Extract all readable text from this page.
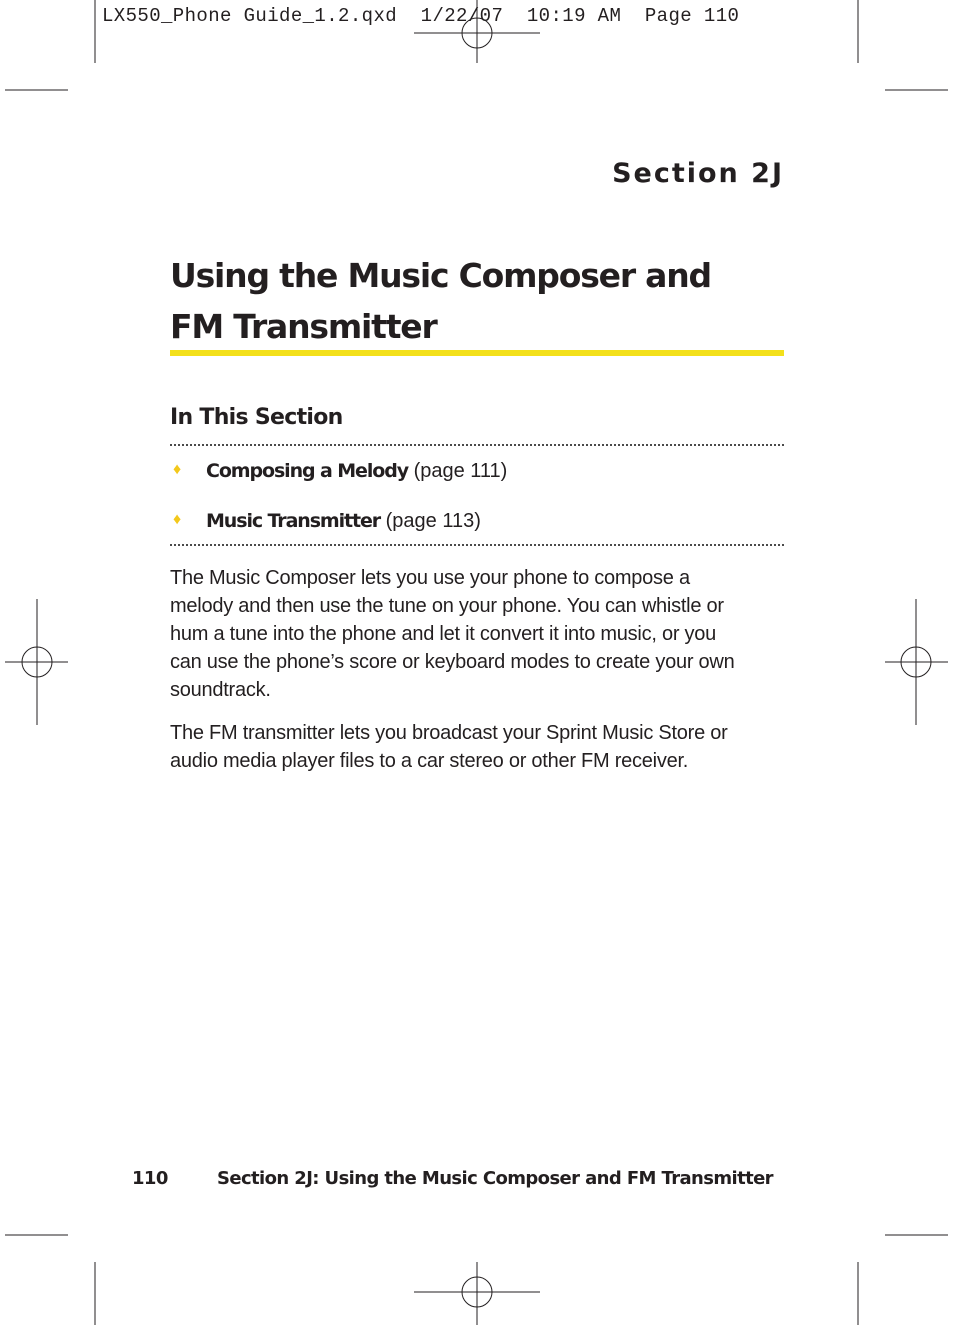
LX550_Phone Guide_1.2.qxd  1/22/07  10:19 AM  Page 110
Section 2J
Using the Music Composer and FM Transmitter
In This Section
♦ Composing a Melody (page 111)
♦ Music Transmitter (page 113)

The Music Composer lets you use your phone to compose a melody and then use the tune on your phone. You can whistle or hum a tune into the phone and let it convert it into music, or you can use the phone’s score or keyboard modes to create your own soundtrack.

The FM transmitter lets you broadcast your Sprint Music Store or audio media player files to a car stereo or other FM receiver.

110	Section 2J: Using the Music Composer and FM Transmitter
